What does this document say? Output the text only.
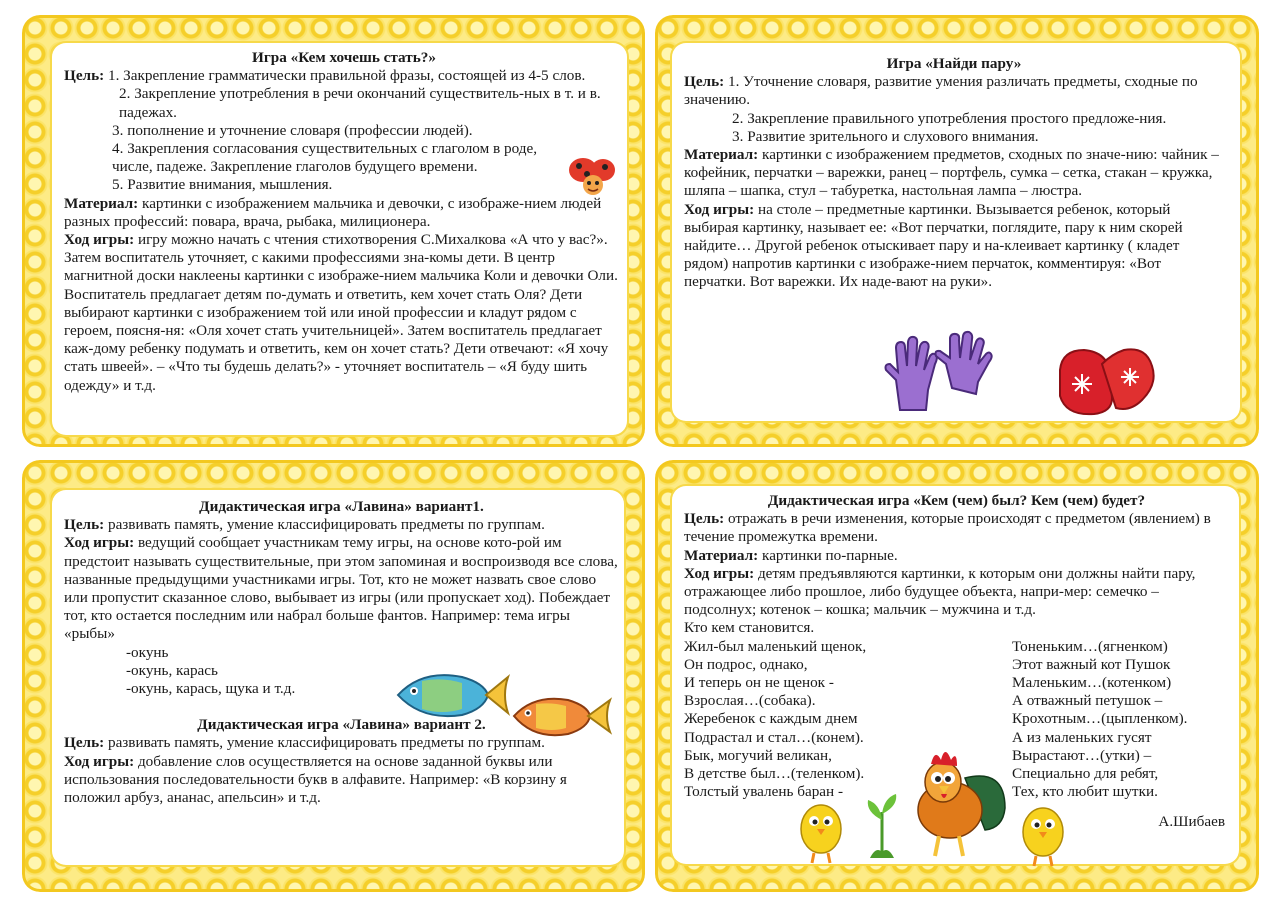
Игра «Кем хочешь стать?»

Цель: 1. Закрепление грамматически правильной фразы, состоящей из 4-5 слов.

2. Закрепление употребления в речи окончаний существитель-ных в т. и в. падежах.

3. пополнение и уточнение словаря (профессии людей).

4. Закрепления согласования существительных с глаголом в роде, числе, падеже. Закрепление глаголов будущего времени.

5. Развитие внимания, мышления.

Материал: картинки с изображением мальчика и девочки, с изображе-нием людей разных профессий: повара, врача, рыбака, милиционера.

Ход игры: игру можно начать с чтения стихотворения С.Михалкова «А что у вас?». Затем воспитатель уточняет, с какими профессиями зна-комы дети. В центр магнитной доски наклеены картинки с изображе-нием мальчика Коли и девочки Оли. Воспитатель предлагает детям по-думать и ответить, кем хочет стать Оля? Дети выбирают картинки с изображением той или иной профессии и кладут рядом с героем, поясня-ня: «Оля хочет стать учительницей». Затем воспитатель предлагает каж-дому ребенку подумать и ответить, кем он хочет стать? Дети отвечают: «Я хочу стать швеей». – «Что ты будешь делать?» - уточняет воспитатель – «Я буду шить одежду» и т.д.

Игра «Найди пару»

Цель: 1. Уточнение словаря, развитие умения различать предметы, сходные по значению.

2. Закрепление правильного употребления простого предложе-ния.

3. Развитие зрительного и слухового внимания.

Материал: картинки с изображением предметов, сходных по значе-нию: чайник – кофейник, перчатки – варежки, ранец – портфель, сумка – сетка, стакан – кружка, шляпа – шапка, стул – табуретка, настольная лампа – люстра.

Ход игры: на столе – предметные картинки. Вызывается ребенок, который выбирая картинку, называет ее: «Вот перчатки, поглядите, пару к ним скорей найдите… Другой ребенок отыскивает пару и на-клеивает картинку ( кладет рядом) напротив картинки с изображе-нием перчаток, комментируя: «Вот перчатки. Вот варежки. Их наде-вают на руки».

Дидактическая игра «Лавина» вариант1.

Цель: развивать память, умение классифицировать предметы по группам.

Ход игры: ведущий сообщает участникам тему игры, на основе кото-рой им предстоит называть существительные, при этом запоминая и воспроизводя все слова, названные предыдущими участниками игры. Тот, кто не может назвать свое слово или пропустит сказанное слово, выбывает из игры (или пропускает ход). Побеждает тот, кто остается последним или набрал больше фантов. Например: тема игры «рыбы»

-окунь

-окунь, карась

-окунь, карась, щука и т.д.

Дидактическая игра «Лавина» вариант 2.

Цель: развивать память, умение классифицировать предметы по группам.

Ход игры: добавление слов осуществляется на основе заданной буквы или использования последовательности букв в алфавите. Например: «В корзину я положил арбуз, ананас, апельсин» и т.д.

Дидактическая игра «Кем (чем) был? Кем (чем) будет?

Цель: отражать в речи изменения, которые происходят с предметом (явлением) в течение промежутка времени.

Материал: картинки по-парные.

Ход игры: детям предъявляются картинки, к которым они должны найти пару, отражающее либо прошлое, либо будущее объекта, напри-мер: семечко –подсолнух; котенок – кошка; мальчик – мужчина и т.д.

Кто кем становится.

Жил-был маленький щенок,

Он подрос, однако,

И теперь он не щенок -

Взрослая…(собака).

Жеребенок с каждым днем

Подрастал и стал…(конем).

Бык, могучий великан,

В детстве был…(теленком).

Толстый увалень баран -

Тоненьким…(ягненком)

Этот важный кот Пушок

Маленьким…(котенком)

А отважный петушок –

Крохотным…(цыпленком).

А из маленьких гусят

Вырастают…(утки) –

Специально для ребят,

Тех, кто любит шутки.

А.Шибаев
